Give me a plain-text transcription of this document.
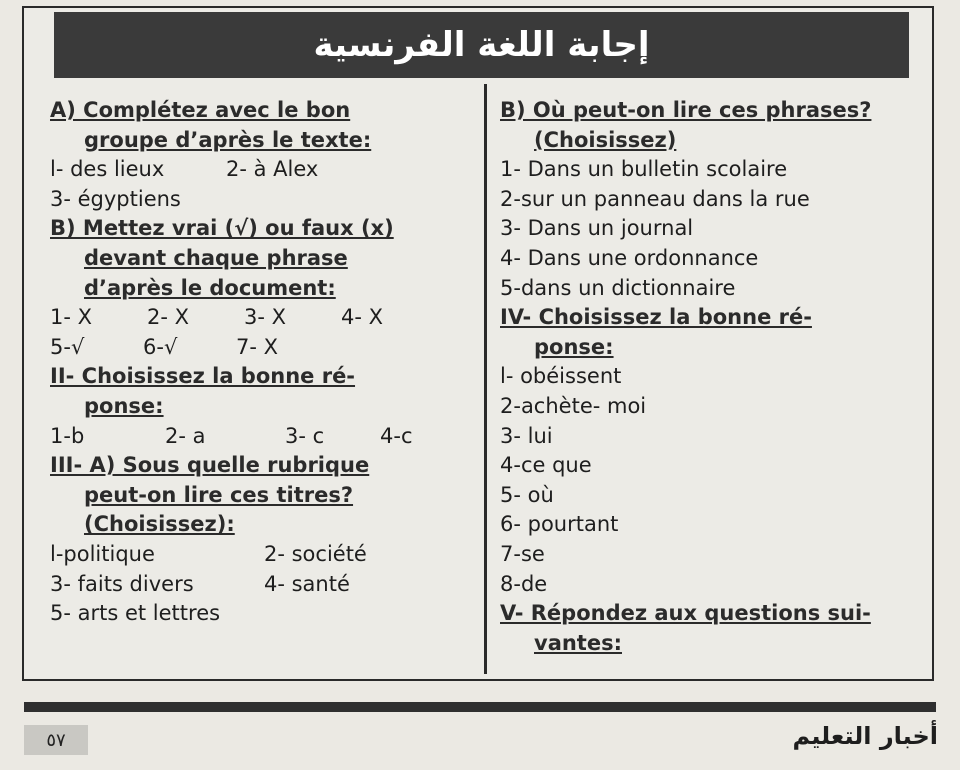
إجابة اللغة الفرنسية
A) Complétez avec le bon
groupe d’après le texte:
l- des lieux	2- à Alex
3- égyptiens
B) Mettez vrai (√) ou faux (x)
devant chaque phrase
d’après le document:
1- X	2- X	3- X	4- X
5-√	6-√	7- X
II- Choisissez la bonne ré-
ponse:
1-b	2- a	3- c	4-c
III- A) Sous quelle rubrique
peut-on lire ces titres?
(Choisissez):
l-politique	2- société
3- faits divers	4- santé
5- arts et lettres
B) Où peut-on lire ces phrases?
(Choisissez)
1- Dans un bulletin scolaire
2-sur un panneau dans la rue
3- Dans un journal
4- Dans une ordonnance
5-dans un dictionnaire
IV- Choisissez la bonne ré-
ponse:
l- obéissent
2-achète- moi
3- lui
4-ce que
5- où
6- pourtant
7-se
8-de
V- Répondez aux questions sui-
vantes:
٥٧	أخبار التعليم
